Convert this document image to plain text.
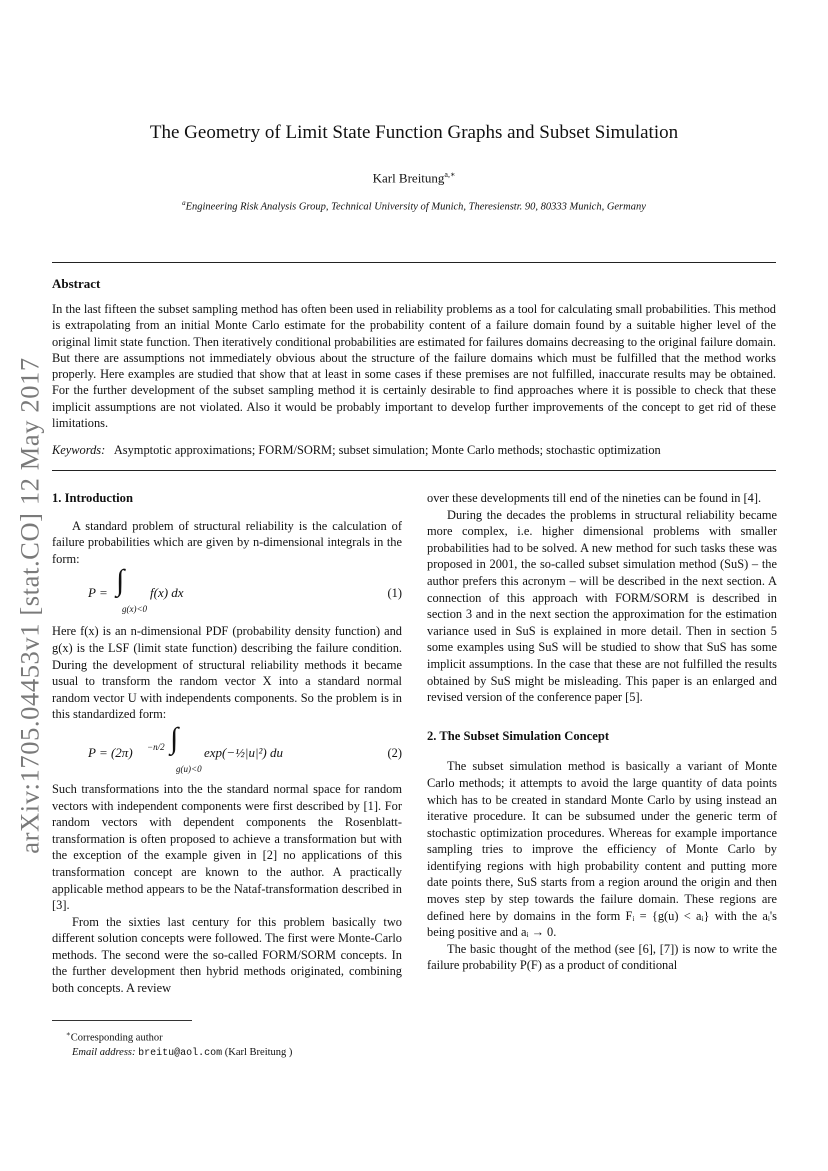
arXiv:1705.04453v1 [stat.CO] 12 May 2017
The Geometry of Limit State Function Graphs and Subset Simulation
Karl Breitung$^{a,∗}$
$^a$Engineering Risk Analysis Group, Technical University of Munich, Theresienstr. 90, 80333 Munich, Germany
Abstract
In the last fifteen the subset sampling method has often been used in reliability problems as a tool for calculating small probabilities. This method is extrapolating from an initial Monte Carlo estimate for the probability content of a failure domain found by a suitable higher level of the original limit state function. Then iteratively conditional probabilities are estimated for failures domains decreasing to the original failure domain. But there are assumptions not immediately obvious about the structure of the failure domains which must be fulfilled that the method works properly. Here examples are studied that show that at least in some cases if these premises are not fulfilled, inaccurate results may be obtained. For the further development of the subset sampling method it is certainly desirable to find approaches where it is possible to check that these implicit assumptions are not violated. Also it would be probably important to develop further improvements of the concept to get rid of these limitations.
Keywords: Asymptotic approximations; FORM/SORM; subset simulation; Monte Carlo methods; stochastic optimization
1. Introduction

A standard problem of structural reliability is the calculation of failure probabilities which are given by n-dimensional integrals in the form:

P = ∫
g(x)<0
f(x) dx	(1)

Here f(x) is an n-dimensional PDF (probability density function) and g(x) is the LSF (limit state function) describing the failure condition. During the development of structural reliability methods it became usual to transform the random vector X into a standard normal random vector U with independents components. So the problem is in this standardized form:

P = (2π) −n/2 ∫
g(u)<0
exp(−½|u|²) du	(2)

Such transformations into the the standard normal space for random vectors with independent components were first described by [1]. For random vectors with dependent components the Rosenblatt-transformation is often proposed to achieve a transformation but with the exception of the example given in [2] no applications of this transformation concept are known to the author. A practically applicable method appears to be the Nataf-transformation described in [3].

From the sixties last century for this problem basically two different solution concepts were followed. The first were Monte-Carlo methods. The second were the so-called FORM/SORM concepts. In the further development then hybrid methods originated, combining both concepts. A review

over these developments till end of the nineties can be found in [4].

During the decades the problems in structural reliability became more complex, i.e. higher dimensional problems with smaller probabilities had to be solved. A new method for such tasks these was proposed in 2001, the so-called subset simulation method (SuS) – the author prefers this acronym – will be described in the next section. A connection of this approach with FORM/SORM is described in section 3 and in the next section the approximation for the estimation variance used in SuS is explained in more detail. Then in section 5 some examples using SuS will be studied to show that SuS has some implicit assumptions. In the case that these are not fulfilled the results obtained by SuS might be misleading. This paper is an enlarged and revised version of the conference paper [5].

2. The Subset Simulation Concept

The subset simulation method is basically a variant of Monte Carlo methods; it attempts to avoid the large quantity of data points which has to be created in standard Monte Carlo by using instead an iterative procedure. It can be subsumed under the generic term of stochastic optimization procedures. Whereas for example importance sampling tries to improve the efficiency of Monte Carlo by identifying regions with high probability content and putting more date points there, SuS starts from a region around the origin and then moves step by step towards the failure domain. These regions are defined here by domains in the form Fᵢ = {g(u) < aᵢ} with the aᵢ's being positive and aᵢ → 0.

The basic thought of the method (see [6], [7]) is now to write the failure probability P(F) as a product of conditional

∗Corresponding author
Email address: breitu@aol.com (Karl Breitung )
